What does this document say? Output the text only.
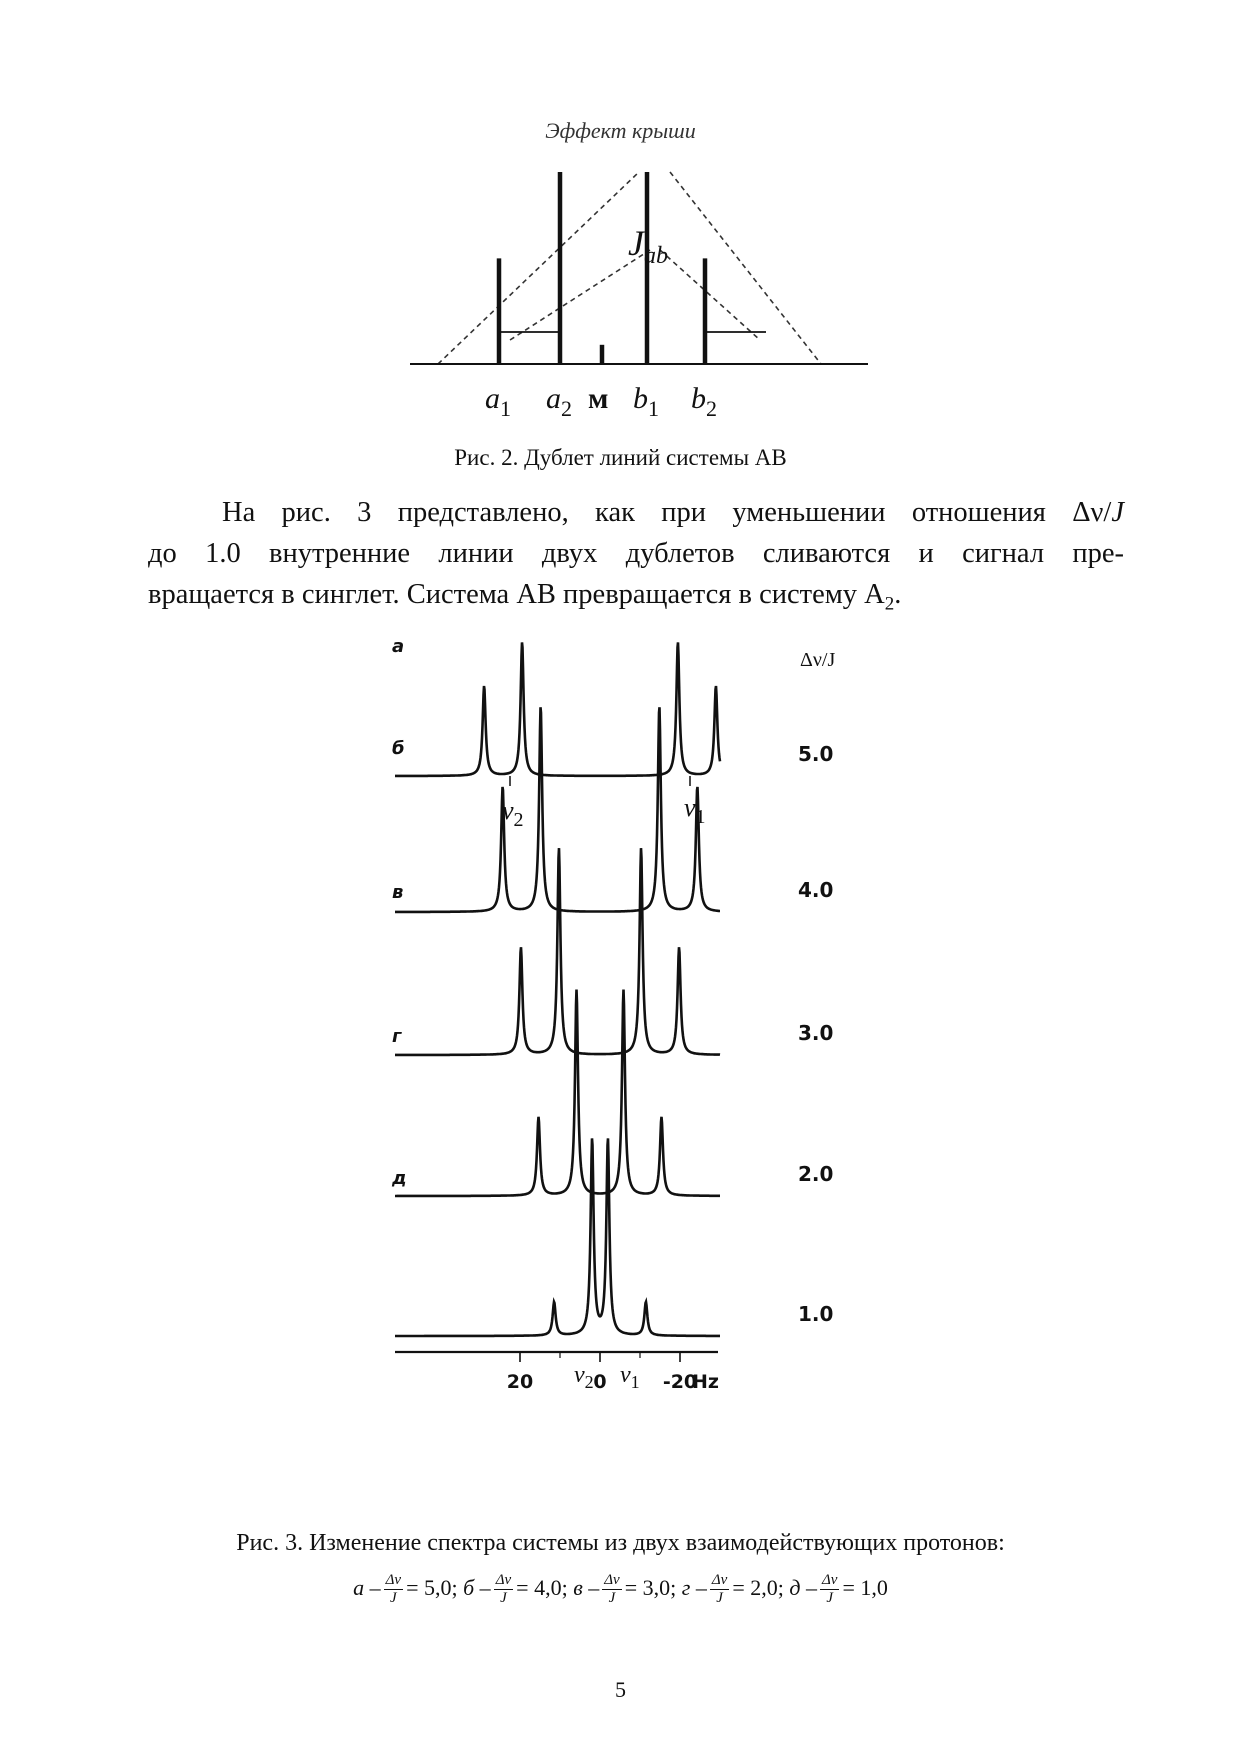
Эффект крыши
$J_{ab}$
$a_1$ $a_2$ м $b_1$ $b_2$
Рис. 2. Дублет линий системы АВ

На рис. 3 представлено, как при уменьшении отношения Δν/J

до 1.0 внутренние линии двух дублетов сливаются и сигнал пре-

вращается в синглет. Система АВ превращается в систему $А_2$.

Δν/J
а
5.0
б
4.0
в
3.0
г
2.0
д
1.0
$\nu_2$	$\nu_1$
20	0	-20
Hz
$\nu_2$ $\nu_1$
Рис. 3. Изменение спектра системы из двух взаимодействующих протонов:
$а - \frac{\Delta\nu}{J} = 5,0$; $б - \frac{\Delta\nu}{J} = 4,0$; $в - \frac{\Delta\nu}{J} = 3,0$; $г - \frac{\Delta\nu}{J} = 2,0$; $д - \frac{\Delta\nu}{J} = 1,0$
5
